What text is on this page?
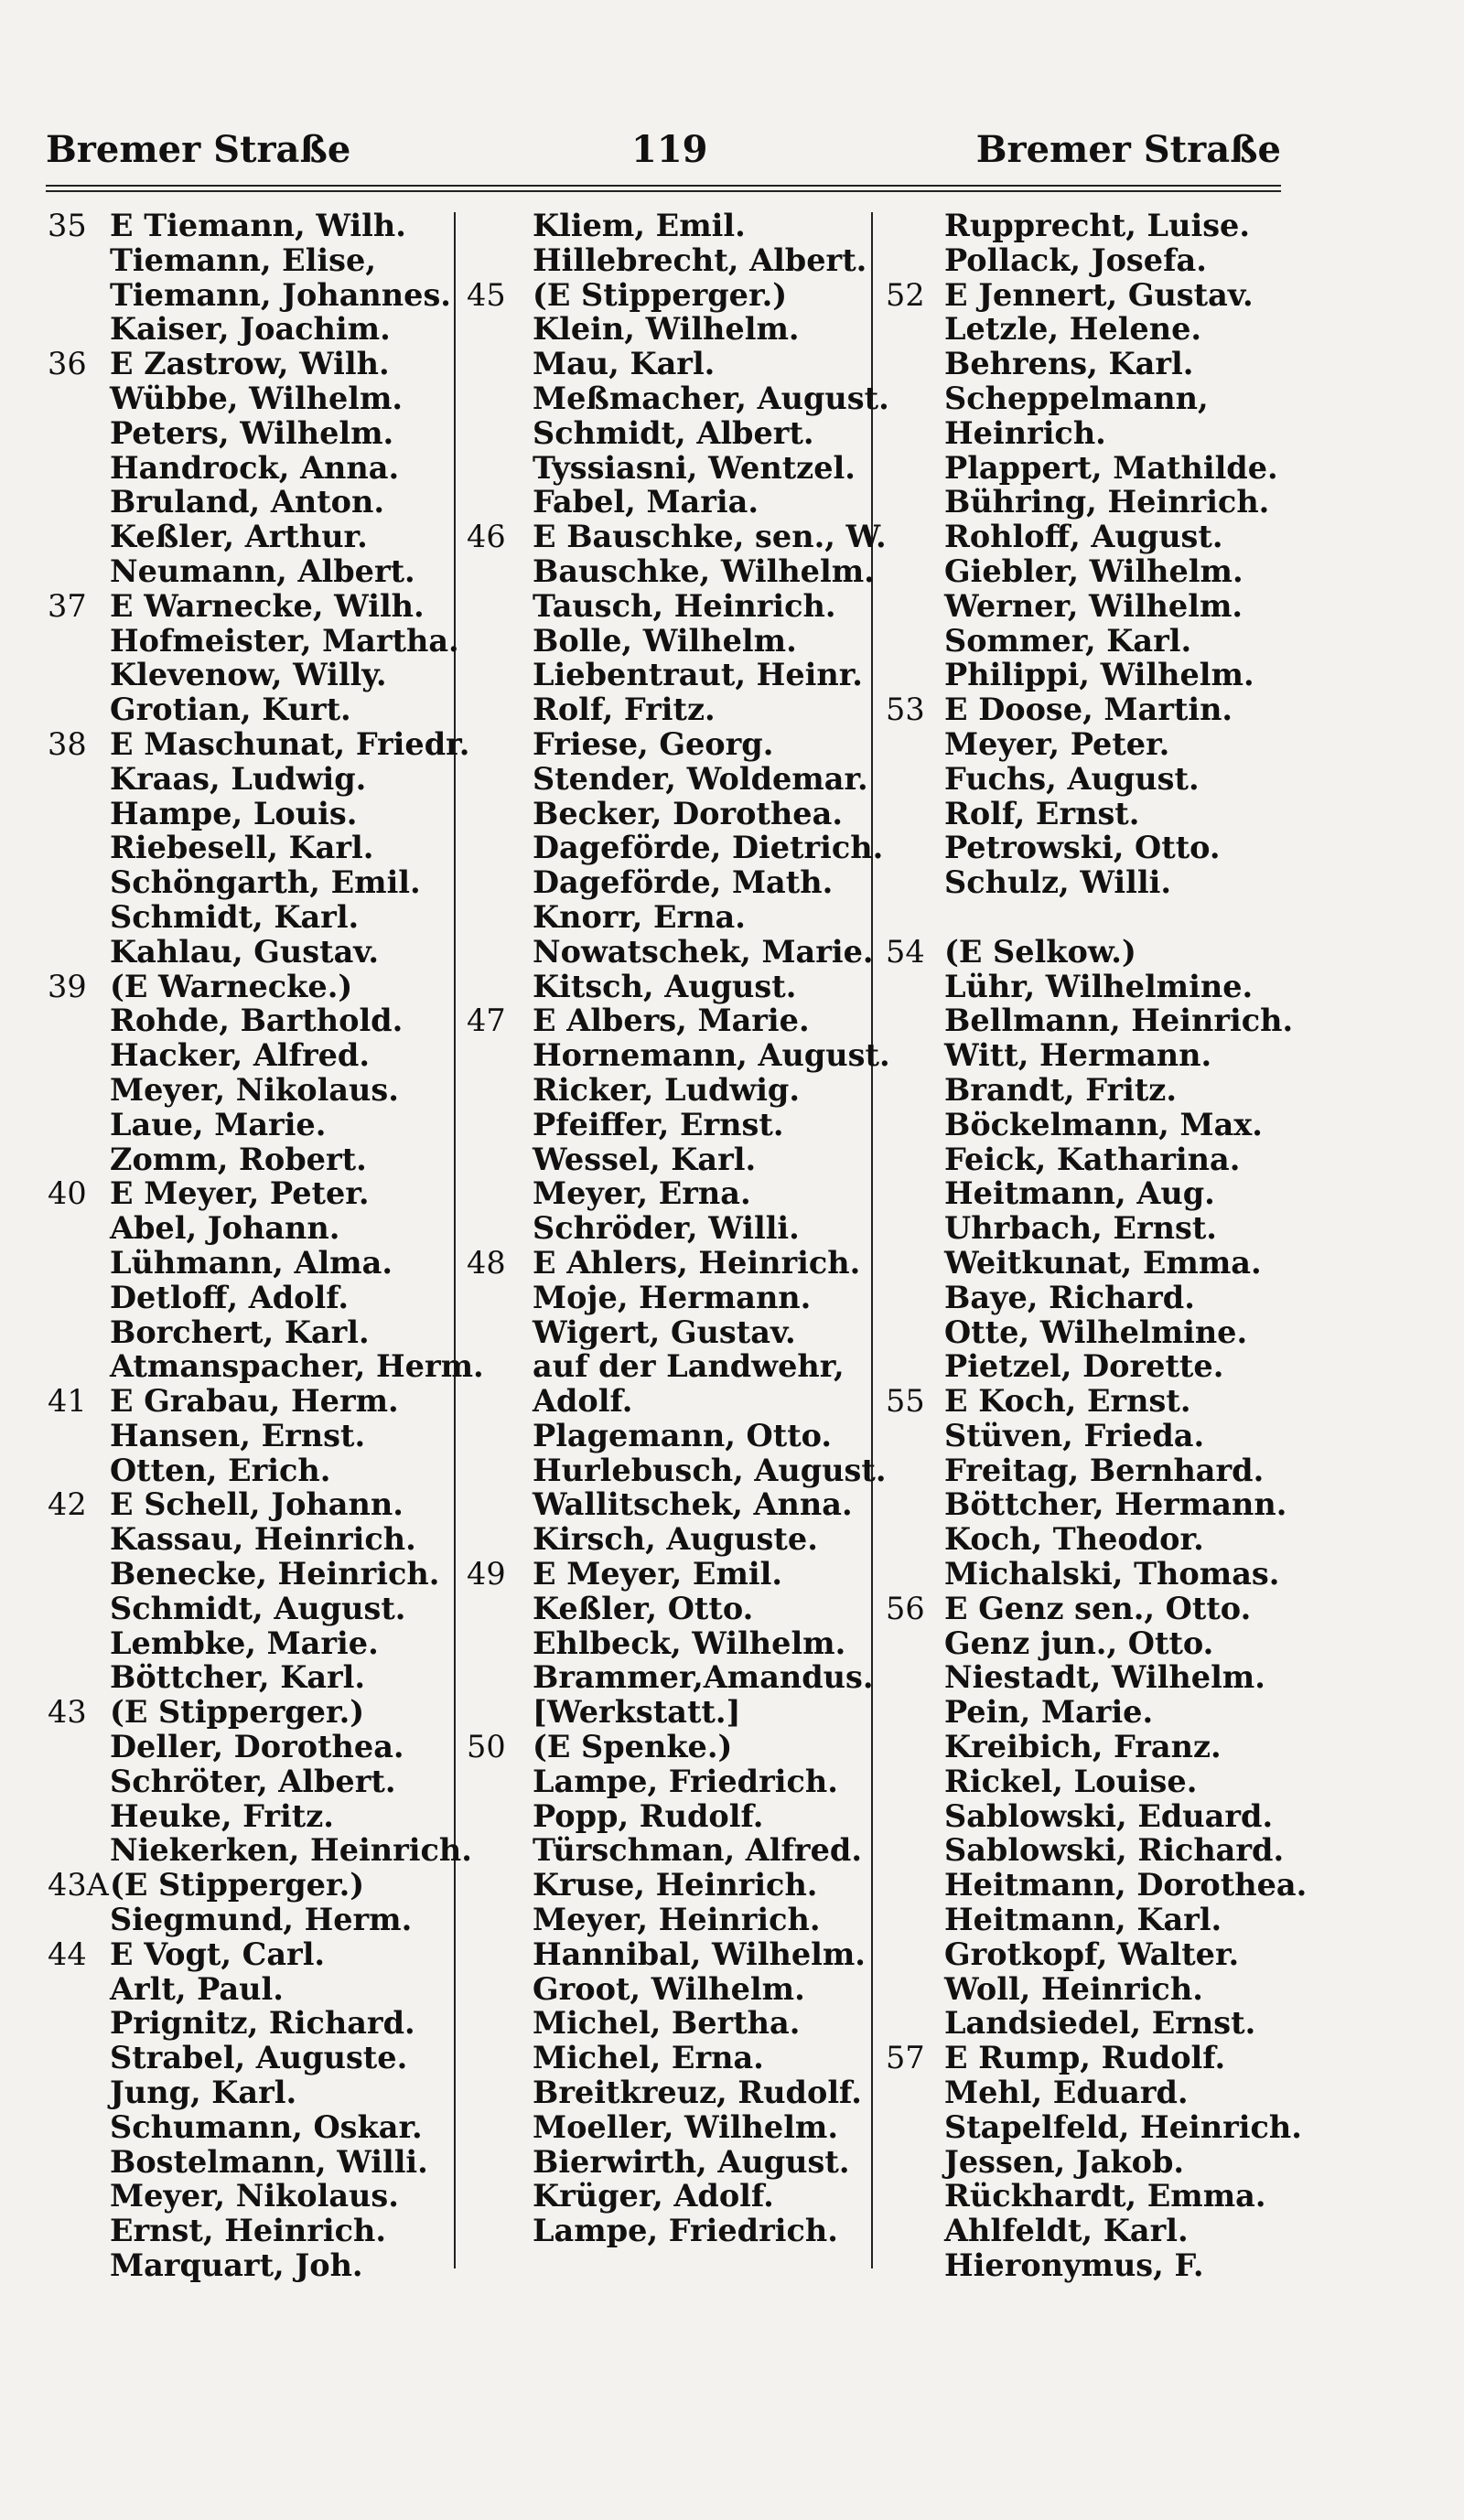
Bremer Straße	119	Bremer Straße
35 E Tiemann, Wilh.
Tiemann, Elise,
Tiemann, Johannes.
Kaiser, Joachim.
36 E Zastrow, Wilh.
Wübbe, Wilhelm.
Peters, Wilhelm.
Handrock, Anna.
Bruland, Anton.
Keßler, Arthur.
Neumann, Albert.
37 E Warnecke, Wilh.
Hofmeister, Martha.
Klevenow, Willy.
Grotian, Kurt.
38 E Maschunat, Friedr.
Kraas, Ludwig.
Hampe, Louis.
Riebesell, Karl.
Schöngarth, Emil.
Schmidt, Karl.
Kahlau, Gustav.
39 (E Warnecke.)
Rohde, Barthold.
Hacker, Alfred.
Meyer, Nikolaus.
Laue, Marie.
Zomm, Robert.
40 E Meyer, Peter.
Abel, Johann.
Lühmann, Alma.
Detloff, Adolf.
Borchert, Karl.
Atmanspacher, Herm.
41 E Grabau, Herm.
Hansen, Ernst.
Otten, Erich.
42 E Schell, Johann.
Kassau, Heinrich.
Benecke, Heinrich.
Schmidt, August.
Lembke, Marie.
Böttcher, Karl.
43 (E Stipperger.)
Deller, Dorothea.
Schröter, Albert.
Heuke, Fritz.
Niekerken, Heinrich.
43A (E Stipperger.)
Siegmund, Herm.
44 E Vogt, Carl.
Arlt, Paul.
Prignitz, Richard.
Strabel, Auguste.
Jung, Karl.
Schumann, Oskar.
Bostelmann, Willi.
Meyer, Nikolaus.
Ernst, Heinrich.
Marquart, Joh.
Kliem, Emil.
Hillebrecht, Albert.
45 (E Stipperger.)
Klein, Wilhelm.
Mau, Karl.
Meßmacher, August.
Schmidt, Albert.
Tyssiasni, Wentzel.
Fabel, Maria.
46 E Bauschke, sen., W.
Bauschke, Wilhelm.
Tausch, Heinrich.
Bolle, Wilhelm.
Liebentraut, Heinr.
Rolf, Fritz.
Friese, Georg.
Stender, Woldemar.
Becker, Dorothea.
Dageförde, Dietrich.
Dageförde, Math.
Knorr, Erna.
Nowatschek, Marie.
Kitsch, August.
47 E Albers, Marie.
Hornemann, August.
Ricker, Ludwig.
Pfeiffer, Ernst.
Wessel, Karl.
Meyer, Erna.
Schröder, Willi.
48 E Ahlers, Heinrich.
Moje, Hermann.
Wigert, Gustav.
auf der Landwehr,
Adolf.
Plagemann, Otto.
Hurlebusch, August.
Wallitschek, Anna.
Kirsch, Auguste.
49 E Meyer, Emil.
Keßler, Otto.
Ehlbeck, Wilhelm.
Brammer,Amandus.
[Werkstatt.]
50 (E Spenke.)
Lampe, Friedrich.
Popp, Rudolf.
Türschman, Alfred.
Kruse, Heinrich.
Meyer, Heinrich.
Hannibal, Wilhelm.
Groot, Wilhelm.
Michel, Bertha.
Michel, Erna.
Breitkreuz, Rudolf.
Moeller, Wilhelm.
Bierwirth, August.
Krüger, Adolf.
Lampe, Friedrich.
Rupprecht, Luise.
Pollack, Josefa.
52 E Jennert, Gustav.
Letzle, Helene.
Behrens, Karl.
Scheppelmann,
Heinrich.
Plappert, Mathilde.
Bühring, Heinrich.
Rohloff, August.
Giebler, Wilhelm.
Werner, Wilhelm.
Sommer, Karl.
Philippi, Wilhelm.
53 E Doose, Martin.
Meyer, Peter.
Fuchs, August.
Rolf, Ernst.
Petrowski, Otto.
Schulz, Willi.
54 (E Selkow.)
Lühr, Wilhelmine.
Bellmann, Heinrich.
Witt, Hermann.
Brandt, Fritz.
Böckelmann, Max.
Feick, Katharina.
Heitmann, Aug.
Uhrbach, Ernst.
Weitkunat, Emma.
Baye, Richard.
Otte, Wilhelmine.
Pietzel, Dorette.
55 E Koch, Ernst.
Stüven, Frieda.
Freitag, Bernhard.
Böttcher, Hermann.
Koch, Theodor.
Michalski, Thomas.
56 E Genz sen., Otto.
Genz jun., Otto.
Niestadt, Wilhelm.
Pein, Marie.
Kreibich, Franz.
Rickel, Louise.
Sablowski, Eduard.
Sablowski, Richard.
Heitmann, Dorothea.
Heitmann, Karl.
Grotkopf, Walter.
Woll, Heinrich.
Landsiedel, Ernst.
57 E Rump, Rudolf.
Mehl, Eduard.
Stapelfeld, Heinrich.
Jessen, Jakob.
Rückhardt, Emma.
Ahlfeldt, Karl.
Hieronymus, F.
